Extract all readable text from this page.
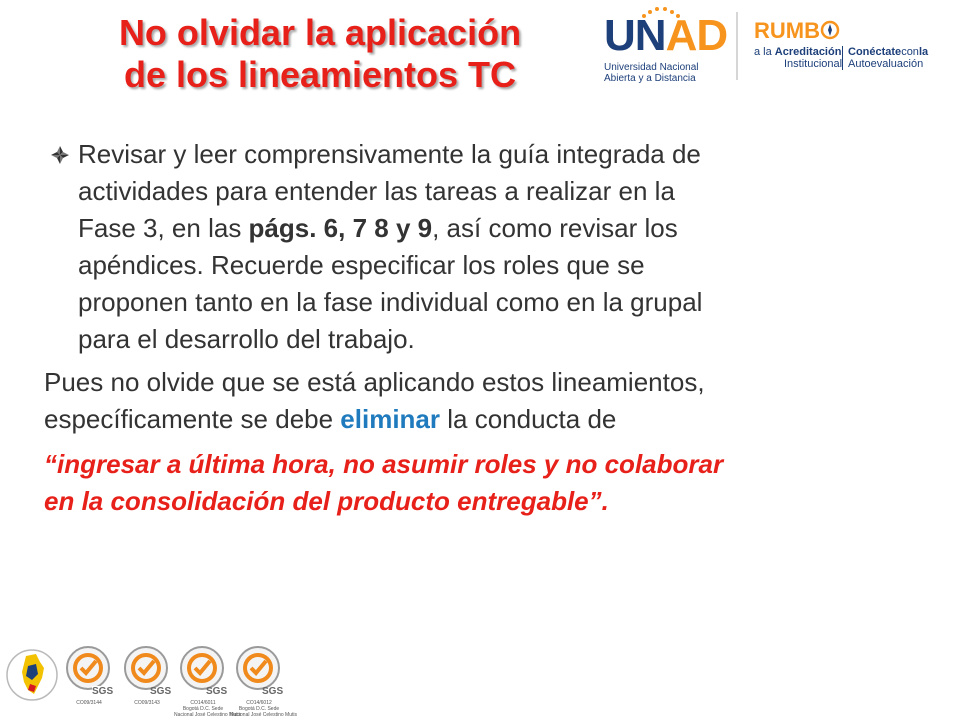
No olvidar la aplicación
de los lineamientos TC
UNAD
Universidad Nacional
Abierta y a Distancia
RUMB
a la Acreditación
Institucional
Conéctateconla
Autoevaluación
Revisar y leer comprensivamente la guía integrada de
actividades para entender las tareas a realizar en la
Fase 3, en las págs. 6, 7 8 y 9, así como revisar los
apéndices. Recuerde especificar los roles que se
proponen tanto en la fase individual como en la grupal
para el desarrollo del trabajo.
Pues no olvide que se está aplicando estos lineamientos,
específicamente se debe eliminar la conducta de
“ingresar a última hora, no asumir roles y no colaborar
en la consolidación del producto entregable”.
SGS
CO09/3144
SGS
CO09/3143
SGS
CO14/6011
Bogotá D.C. Sede
Nacional José Celestino Mutis
SGS
CO14/6012
Bogotá D.C. Sede
Nacional José Celestino Mutis
